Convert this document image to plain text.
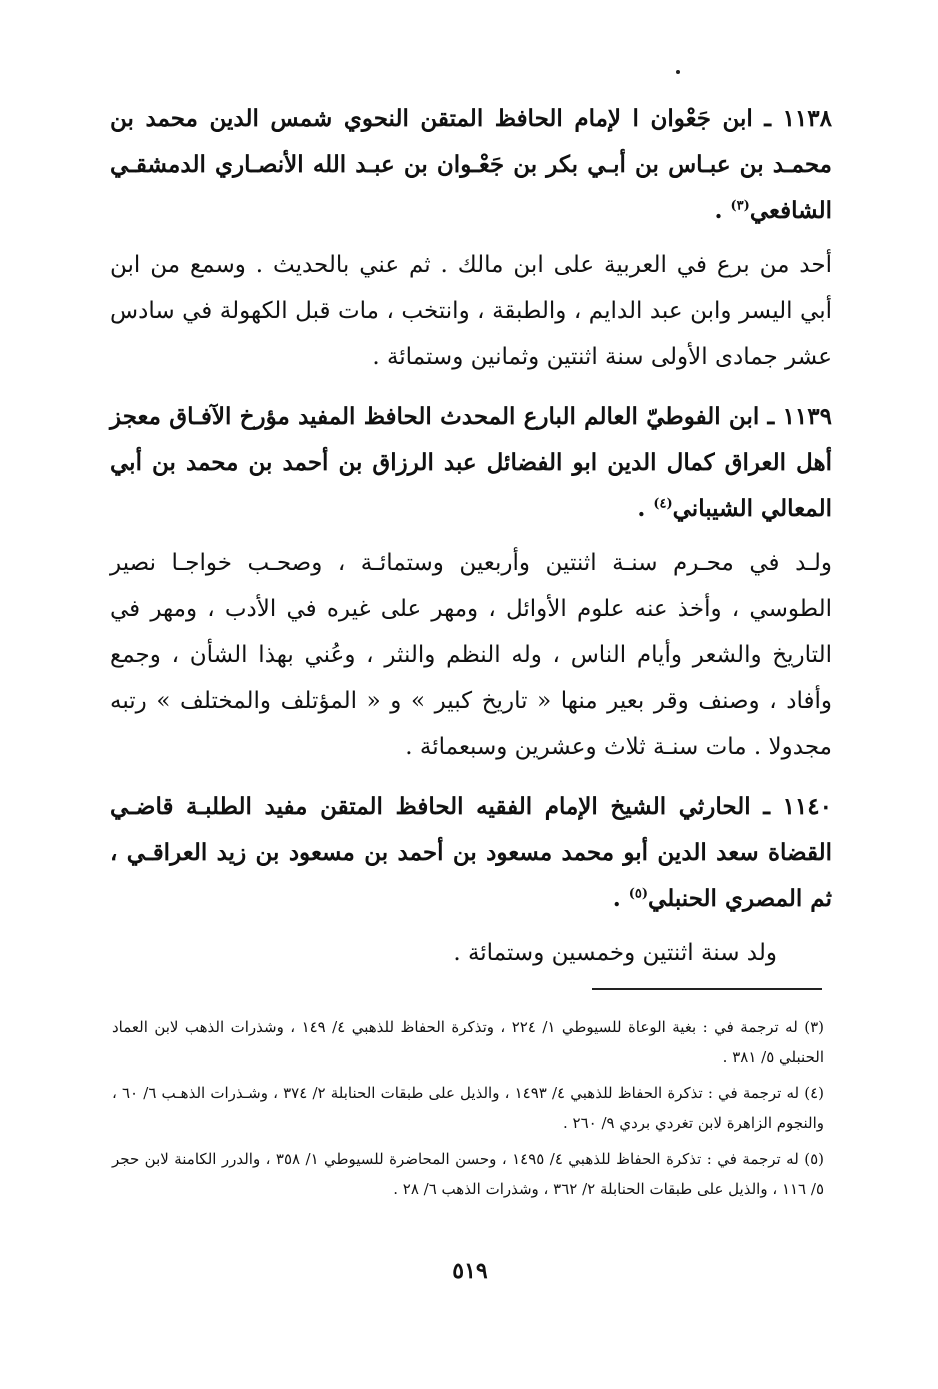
١١٣٨ ـ ابن جَعْوان ا لإمام الحافظ المتقن النحوي شمس الدين محمد بن محمـد بن عبـاس بن أبـي بكر بن جَعْـوان بن عبـد الله الأنصـاري الدمشقـي الشافعي$^{(٣)}$ .

أحد من برع في العربية على ابن مالك . ثم عني بالحديث . وسمع من ابن أبي اليسر وابن عبد الدايم ، والطبقة ، وانتخب ، مات قبل الكهولة في سادس عشر جمادى الأولى سنة اثنتين وثمانين وستمائة .

١١٣٩ ـ ابن الفوطيّ العالم البارع المحدث الحافظ المفيد مؤرخ الآفـاق معجز أهل العراق كمال الدين ابو الفضائل عبد الرزاق بن أحمد بن محمد بن أبي المعالي الشيباني$^{(٤)}$ .

ولـد في محـرم سنـة اثنتين وأربعين وستمائـة ، وصحـب خواجـا نصير الطوسي ، وأخذ عنه علوم الأوائل ، ومهر على غيره في الأدب ، ومهر في التاريخ والشعر وأيام الناس ، وله النظم والنثر ، وعُني بهذا الشأن ، وجمع وأفاد ، وصنف وقر بعير منها « تاريخ كبير » و « المؤتلف والمختلف » رتبه مجدولا . مات سنـة ثلاث وعشرين وسبعمائة .

١١٤٠ ـ الحارثي الشيخ الإمام الفقيه الحافظ المتقن مفيد الطلبـة قاضـي القضاة سعد الدين أبو محمد مسعود بن أحمد بن مسعود بن زيد العراقـي ، ثم المصري الحنبلي$^{(٥)}$ .

ولد سنة اثنتين وخمسين وستمائة .

(٣) له ترجمة في : بغية الوعاة للسيوطي ١/ ٢٢٤ ، وتذكرة الحفاظ للذهبي ٤/ ١٤٩ ، وشذرات الذهب لابن العماد الحنبلي ٥/ ٣٨١ .

(٤) له ترجمة في : تذكرة الحفاظ للذهبي ٤/ ١٤٩٣ ، والذيل على طبقات الحنابلة ٢/ ٣٧٤ ، وشـذرات الذهـب ٦/ ٦٠ ، والنجوم الزاهرة لابن تغردي بردي ٩/ ٢٦٠ .

(٥) له ترجمة في : تذكرة الحفاظ للذهبي ٤/ ١٤٩٥ ، وحسن المحاضرة للسيوطي ١/ ٣٥٨ ، والدرر الكامنة لابن حجر ٥/ ١١٦ ، والذيل على طبقات الحنابلة ٢/ ٣٦٢ ، وشذرات الذهب ٦/ ٢٨ .

٥١٩
